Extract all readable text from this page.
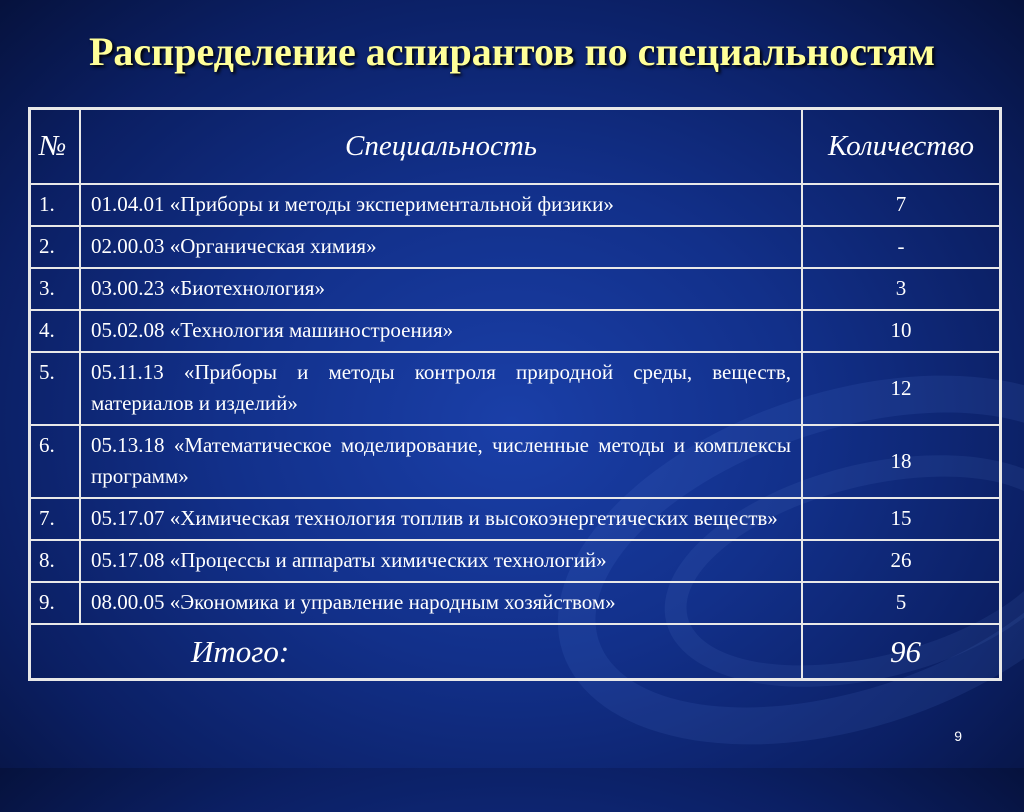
Распределение аспирантов по специальностям
№	Специальность	Количество
1.	01.04.01 «Приборы и методы экспериментальной физики»	7
2.	02.00.03 «Органическая химия»	-
3.	03.00.23 «Биотехнология»	3
4.	05.02.08 «Технология машиностроения»	10
5.	05.11.13 «Приборы и методы контроля природной среды, веществ, материалов и изделий»	12
6.	05.13.18 «Математическое моделирование, численные методы и комплексы программ»	18
7.	05.17.07 «Химическая технология топлив и высокоэнергетических веществ»	15
8.	05.17.08 «Процессы и аппараты химических технологий»	26
9.	08.00.05 «Экономика и управление народным хозяйством»	5
Итого:		96
9
